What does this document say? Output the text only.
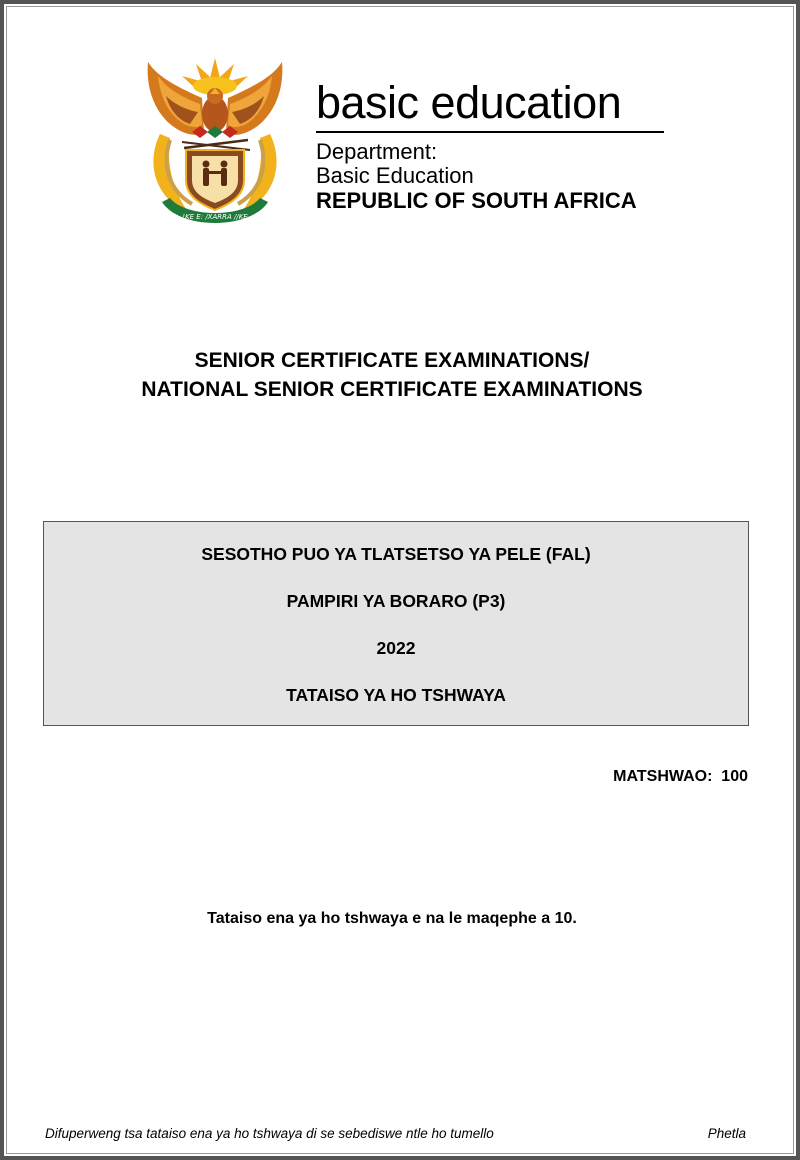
!KE E: /XARRA //KE
basic education
Department:
Basic Education
REPUBLIC OF SOUTH AFRICA
SENIOR CERTIFICATE EXAMINATIONS/
NATIONAL SENIOR CERTIFICATE EXAMINATIONS
SESOTHO PUO YA TLATSETSO YA PELE (FAL)
PAMPIRI YA BORARO (P3)
2022
TATAISO YA HO TSHWAYA
MATSHWAO:  100
Tataiso ena ya ho tshwaya e na le maqephe a 10.
Difuperweng tsa tataiso ena ya ho tshwaya di se sebediswe ntle ho tumello	Phetla
